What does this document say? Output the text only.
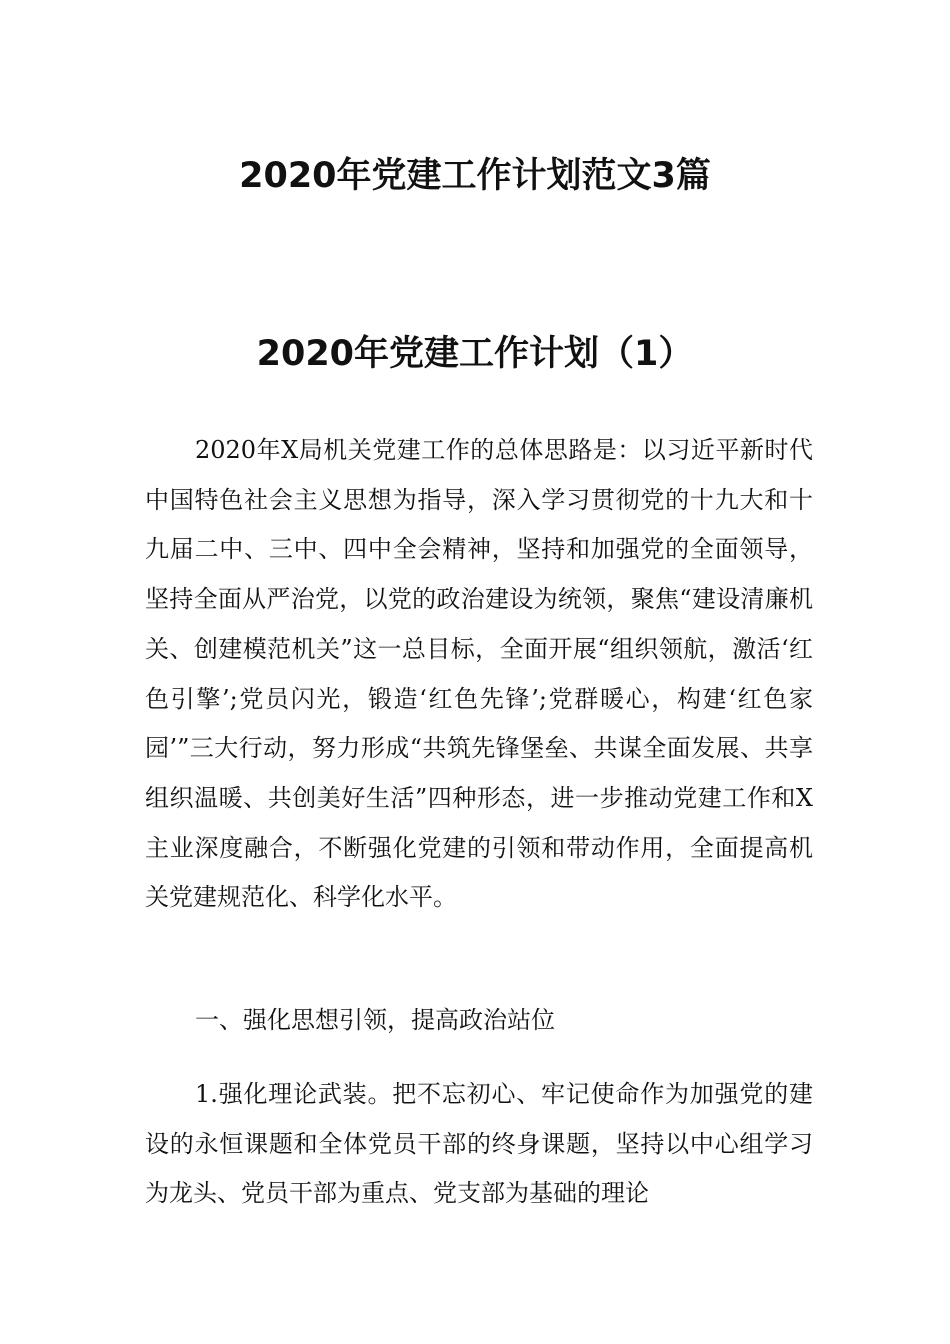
2020年党建工作计划范文3篇
2020年党建工作计划（1）

2020年X局机关党建工作的总体思路是：以习近平新时代中国特色社会主义思想为指导，深入学习贯彻党的十九大和十九届二中、三中、四中全会精神，坚持和加强党的全面领导，坚持全面从严治党，以党的政治建设为统领，聚焦“建设清廉机关、创建模范机关”这一总目标，全面开展“组织领航，激活‘红色引擎’;党员闪光，锻造‘红色先锋’;党群暖心，构建‘红色家园’”三大行动，努力形成“共筑先锋堡垒、共谋全面发展、共享组织温暖、共创美好生活”四种形态，进一步推动党建工作和X主业深度融合，不断强化党建的引领和带动作用，全面提高机关党建规范化、科学化水平。

一、强化思想引领，提高政治站位

1.强化理论武装。把不忘初心、牢记使命作为加强党的建设的永恒课题和全体党员干部的终身课题，坚持以中心组学习为龙头、党员干部为重点、党支部为基础的理论
